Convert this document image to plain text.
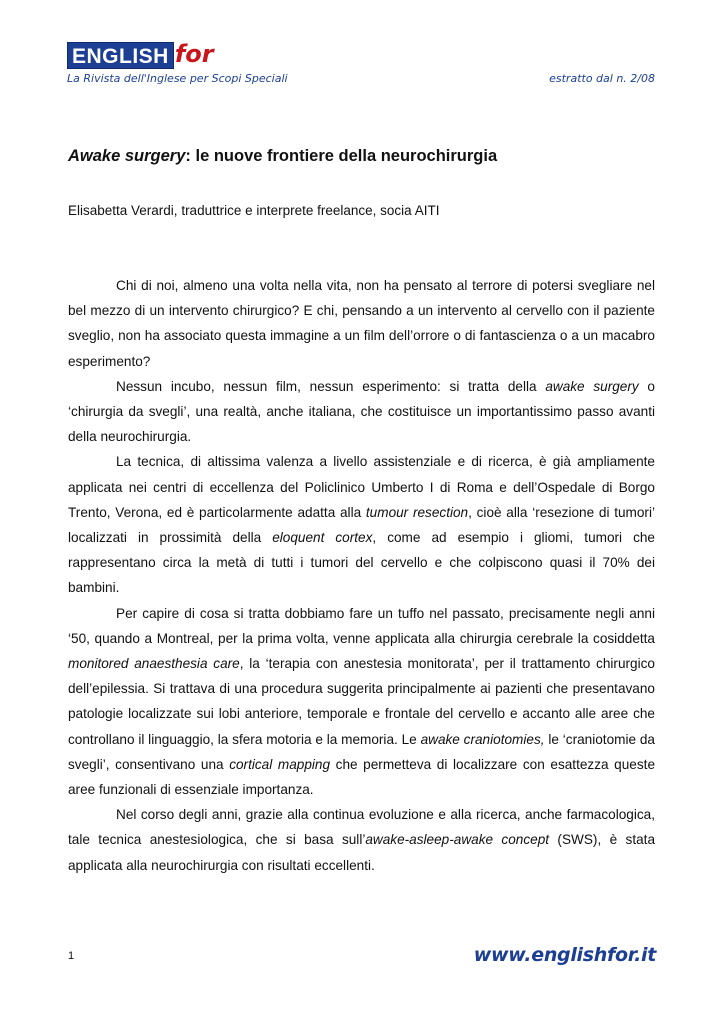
ENGLISH for
La Rivista dell'Inglese per Scopi Speciali	estratto dal n. 2/08
Awake surgery: le nuove frontiere della neurochirurgia

Elisabetta Verardi, traduttrice e interprete freelance, socia AITI

Chi di noi, almeno una volta nella vita, non ha pensato al terrore di potersi svegliare nel bel mezzo di un intervento chirurgico? E chi, pensando a un intervento al cervello con il paziente sveglio, non ha associato questa immagine a un film dell’orrore o di fantascienza o a un macabro esperimento?

Nessun incubo, nessun film, nessun esperimento: si tratta della awake surgery o ‘chirurgia da svegli’, una realtà, anche italiana, che costituisce un importantissimo passo avanti della neurochirurgia.

La tecnica, di altissima valenza a livello assistenziale e di ricerca, è già ampliamente applicata nei centri di eccellenza del Policlinico Umberto I di Roma e dell’Ospedale di Borgo Trento, Verona, ed è particolarmente adatta alla tumour resection, cioè alla ‘resezione di tumori’ localizzati in prossimità della eloquent cortex, come ad esempio i gliomi, tumori che rappresentano circa la metà di tutti i tumori del cervello e che colpiscono quasi il 70% dei bambini.

Per capire di cosa si tratta dobbiamo fare un tuffo nel passato, precisamente negli anni ‘50, quando a Montreal, per la prima volta, venne applicata alla chirurgia cerebrale la cosiddetta monitored anaesthesia care, la ‘terapia con anestesia monitorata’, per il trattamento chirurgico dell’epilessia. Si trattava di una procedura suggerita principalmente ai pazienti che presentavano patologie localizzate sui lobi anteriore, temporale e frontale del cervello e accanto alle aree che controllano il linguaggio, la sfera motoria e la memoria. Le awake craniotomies, le ‘craniotomie da svegli’, consentivano una cortical mapping che permetteva di localizzare con esattezza queste aree funzionali di essenziale importanza.

Nel corso degli anni, grazie alla continua evoluzione e alla ricerca, anche farmacologica, tale tecnica anestesiologica, che si basa sull’awake-asleep-awake concept (SWS), è stata applicata alla neurochirurgia con risultati eccellenti.

1	www.englishfor.it
